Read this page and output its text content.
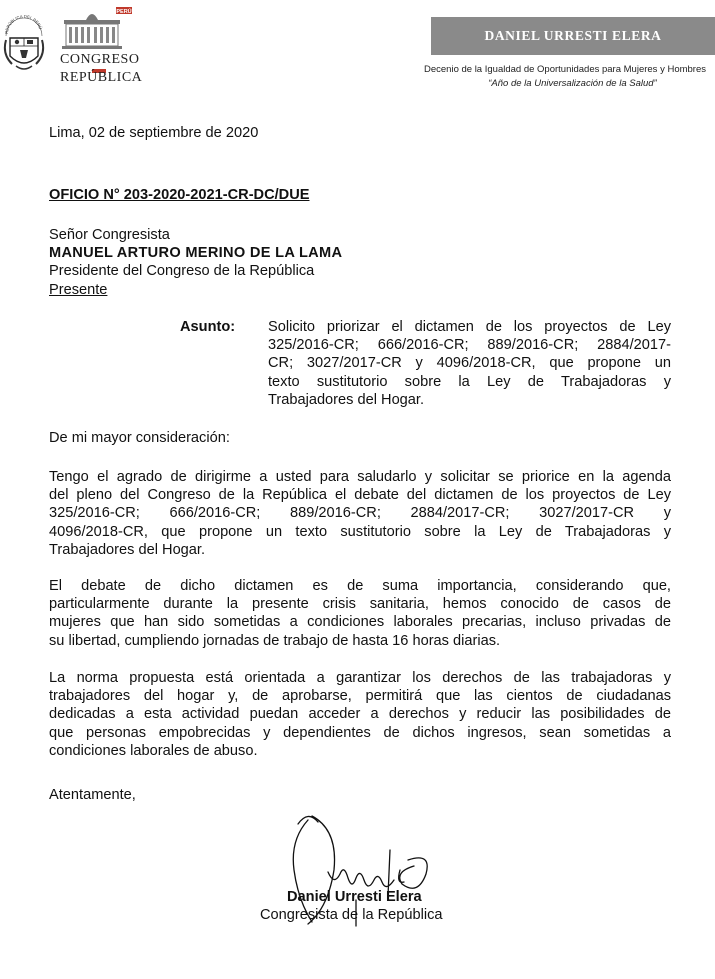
REPÚBLICA DEL PERÚ
PERÚ
CONGRESO
REPÚBLICA
DANIEL URRESTI ELERA
Decenio de la Igualdad de Oportunidades para Mujeres y Hombres
“Año de la Universalización de la Salud”
Lima, 02 de septiembre de 2020
OFICIO N° 203-2020-2021-CR-DC/DUE
Señor Congresista
MANUEL ARTURO MERINO DE LA LAMA
Presidente del Congreso de la República
Presente
Asunto: Solicito priorizar el dictamen de los proyectos de Ley
325/2016-CR; 666/2016-CR; 889/2016-CR; 2884/2017-
CR; 3027/2017-CR y 4096/2018-CR, que propone un
texto sustitutorio sobre la Ley de Trabajadoras y
Trabajadores del Hogar.
De mi mayor consideración:
Tengo el agrado de dirigirme a usted para saludarlo y solicitar se priorice en la agenda
del pleno del Congreso de la República el debate del dictamen de los proyectos de Ley
325/2016-CR; 666/2016-CR; 889/2016-CR; 2884/2017-CR; 3027/2017-CR y
4096/2018-CR, que propone un texto sustitutorio sobre la Ley de Trabajadoras y
Trabajadores del Hogar.
El debate de dicho dictamen es de suma importancia, considerando que,
particularmente durante la presente crisis sanitaria, hemos conocido de casos de
mujeres que han sido sometidas a condiciones laborales precarias, incluso privadas de
su libertad, cumpliendo jornadas de trabajo de hasta 16 horas diarias.
La norma propuesta está orientada a garantizar los derechos de las trabajadoras y
trabajadores del hogar y, de aprobarse, permitirá que las cientos de ciudadanas
dedicadas a esta actividad puedan acceder a derechos y reducir las posibilidades de
que personas empobrecidas y dependientes de dichos ingresos, sean sometidas a
condiciones laborales de abuso.
Atentamente,
Daniel Urresti Elera
Congresista de la República
